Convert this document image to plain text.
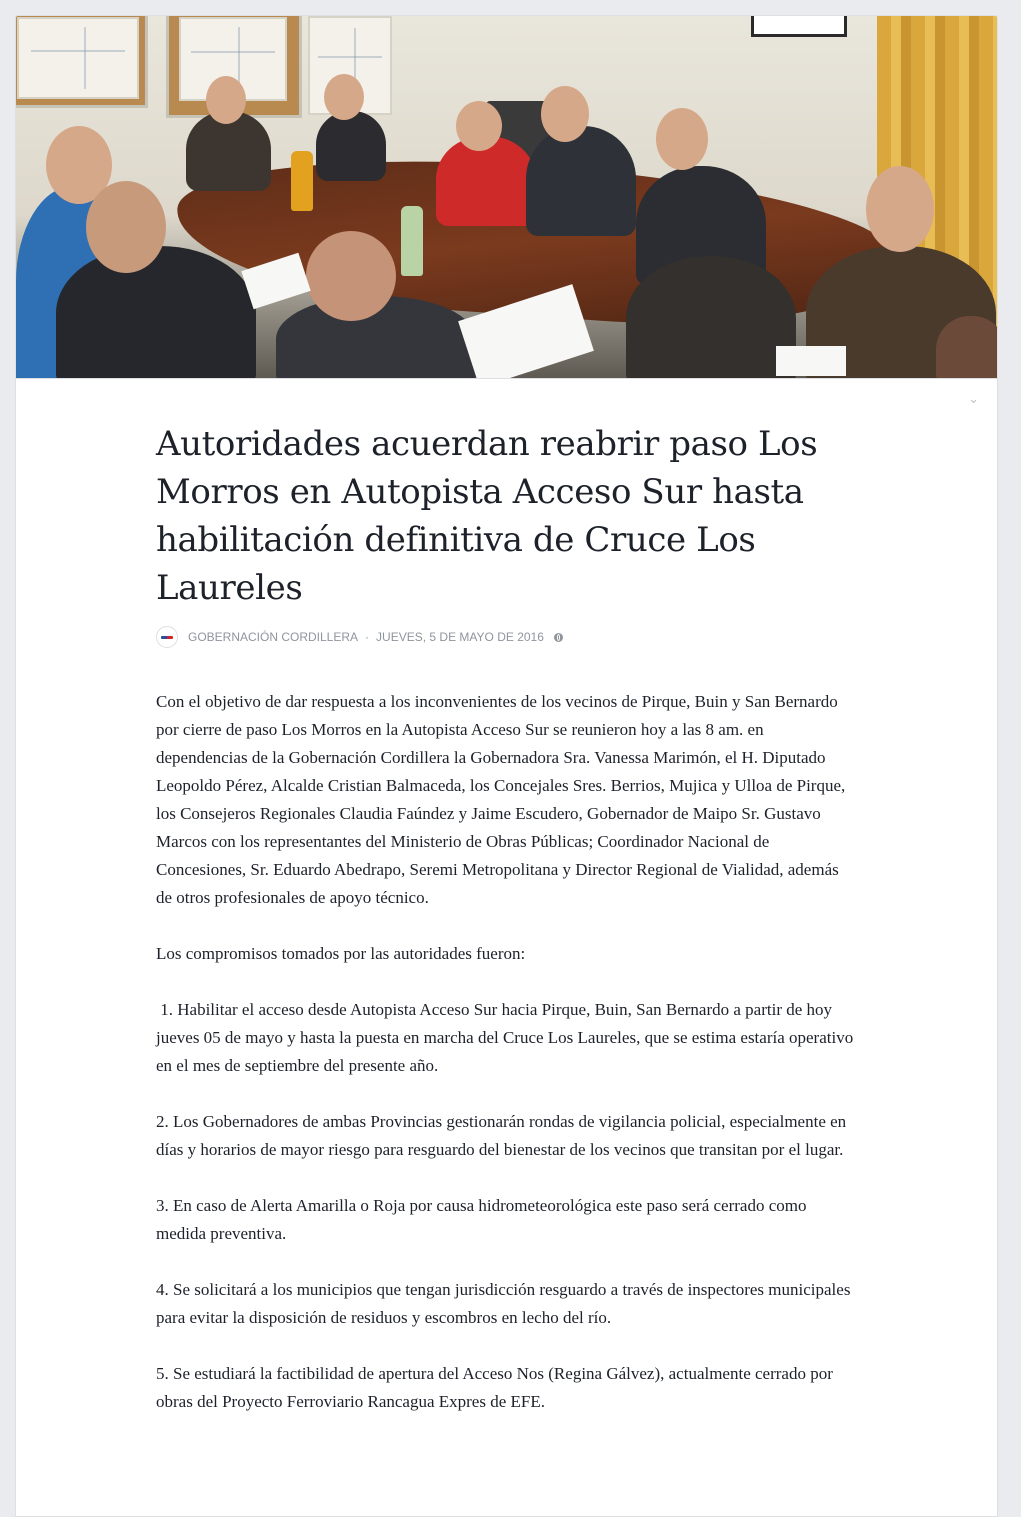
⌄
Autoridades acuerdan reabrir paso Los Morros en Autopista Acceso Sur hasta habilitación definitiva de Cruce Los Laureles
GOBERNACIÓN CORDILLERA · JUEVES, 5 DE MAYO DE 2016

Con el objetivo de dar respuesta a los inconvenientes de los vecinos de Pirque, Buin y San Bernardo por cierre de paso Los Morros en la Autopista Acceso Sur se reunieron hoy a las 8 am. en dependencias de la Gobernación Cordillera la Gobernadora Sra. Vanessa Marimón, el H. Diputado Leopoldo Pérez, Alcalde Cristian Balmaceda, los Concejales Sres. Berrios, Mujica y Ulloa de Pirque, los Consejeros Regionales Claudia Faúndez y Jaime Escudero, Gobernador de Maipo Sr. Gustavo Marcos con los representantes del Ministerio de Obras Públicas; Coordinador Nacional de Concesiones, Sr. Eduardo Abedrapo, Seremi Metropolitana y Director Regional de Vialidad, además de otros profesionales de apoyo técnico.

Los compromisos tomados por las autoridades fueron:

1. Habilitar el acceso desde Autopista Acceso Sur hacia Pirque, Buin, San Bernardo a partir de hoy jueves 05 de mayo y hasta la puesta en marcha del Cruce Los Laureles, que se estima estaría operativo en el mes de septiembre del presente año.

2. Los Gobernadores de ambas Provincias gestionarán rondas de vigilancia policial, especialmente en días y horarios de mayor riesgo para resguardo del bienestar de los vecinos que transitan por el lugar.

3. En caso de Alerta Amarilla o Roja por causa hidrometeorológica este paso será cerrado como medida preventiva.

4. Se solicitará a los municipios que tengan jurisdicción resguardo a través de inspectores municipales para evitar la disposición de residuos y escombros en lecho del río.

5. Se estudiará la factibilidad de apertura del Acceso Nos (Regina Gálvez), actualmente cerrado por obras del Proyecto Ferroviario Rancagua Expres de EFE.
